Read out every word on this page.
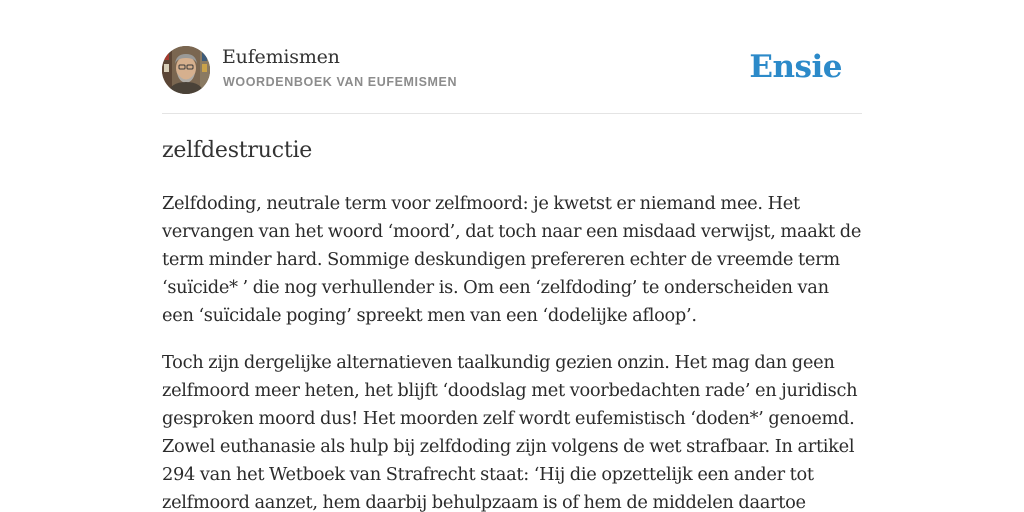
Eufemismen
WOORDENBOEK VAN EUFEMISMEN	Ensie
zelfdestructie

Zelfdoding, neutrale term voor zelfmoord: je kwetst er niemand mee. Het vervangen van het woord ‘moord’, dat toch naar een misdaad verwijst, maakt de term minder hard. Sommige deskundigen prefereren echter de vreemde term ‘suïcide* ’ die nog verhullender is. Om een ‘zelfdoding’ te onderscheiden van een ‘suïcidale poging’ spreekt men van een ‘dodelijke afloop’.

Toch zijn dergelijke alternatieven taalkundig gezien onzin. Het mag dan geen zelfmoord meer heten, het blijft ‘doodslag met voorbedachten rade’ en juridisch gesproken moord dus! Het moorden zelf wordt eufemistisch ‘doden*’ genoemd. Zowel euthanasie als hulp bij zelfdoding zijn volgens de wet strafbaar. In artikel 294 van het Wetboek van Strafrecht staat: ‘Hij die opzettelijk een ander tot zelfmoord aanzet, hem daarbij behulpzaam is of hem de middelen daartoe
